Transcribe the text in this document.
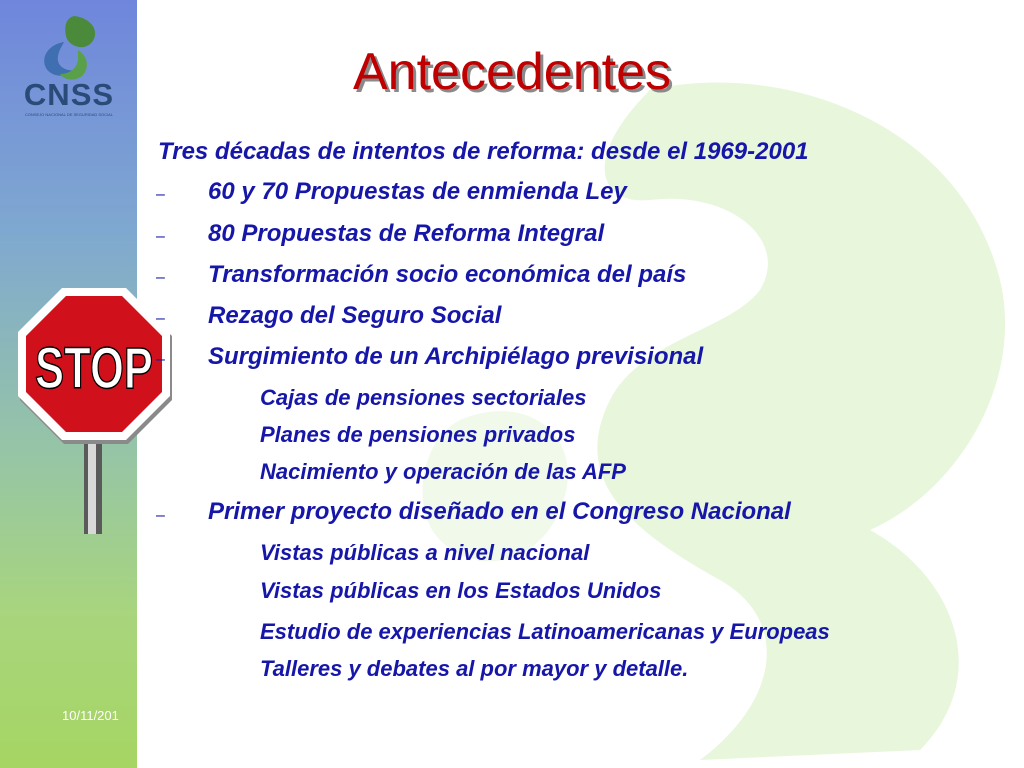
CNSS
CONSEJO NACIONAL DE SEGURIDAD SOCIAL
10/11/201
Antecedentes
STOP
Tres décadas de intentos de reforma: desde el 1969-2001
– 60 y 70 Propuestas de enmienda Ley
– 80 Propuestas de Reforma Integral
– Transformación socio económica del país
– Rezago del Seguro Social
– Surgimiento de un Archipiélago previsional
Cajas de pensiones sectoriales
Planes de pensiones privados
Nacimiento y operación de las AFP
– Primer proyecto diseñado en el Congreso Nacional
Vistas públicas a nivel nacional
Vistas públicas en los Estados Unidos
Estudio de experiencias Latinoamericanas y Europeas
Talleres y debates al por mayor y detalle.
